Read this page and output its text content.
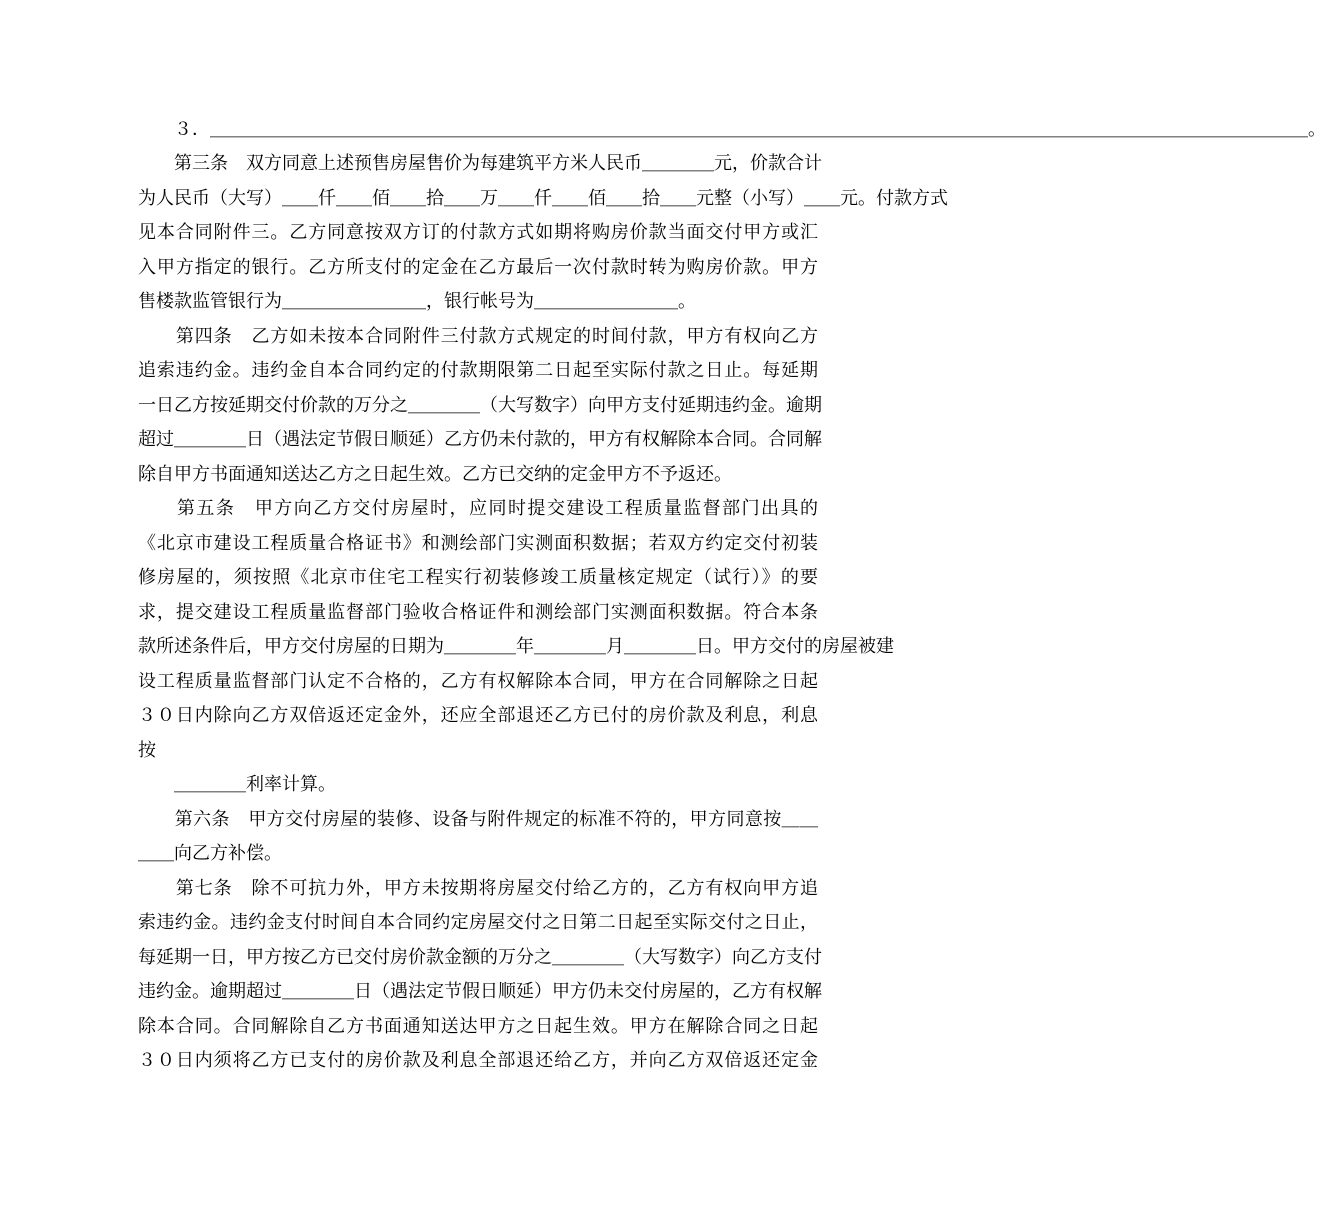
　　３．＿＿＿＿＿＿＿＿＿＿＿＿＿＿＿＿＿＿＿＿＿＿＿＿＿＿＿＿＿＿＿＿＿＿＿＿＿＿＿＿＿＿＿＿＿＿＿＿＿＿＿＿＿＿＿＿＿＿＿＿＿。

　　第三条　双方同意上述预售房屋售价为每建筑平方米人民币＿＿＿＿元，价款合计

为人民币（大写）＿＿仟＿＿佰＿＿拾＿＿万＿＿仟＿＿佰＿＿拾＿＿元整（小写）＿＿元。付款方式

见本合同附件三。乙方同意按双方订的付款方式如期将购房价款当面交付甲方或汇

入甲方指定的银行。乙方所支付的定金在乙方最后一次付款时转为购房价款。甲方

售楼款监管银行为＿＿＿＿＿＿＿＿，银行帐号为＿＿＿＿＿＿＿＿。

　　第四条　乙方如未按本合同附件三付款方式规定的时间付款，甲方有权向乙方

追索违约金。违约金自本合同约定的付款期限第二日起至实际付款之日止。每延期

一日乙方按延期交付价款的万分之＿＿＿＿（大写数字）向甲方支付延期违约金。逾期

超过＿＿＿＿日（遇法定节假日顺延）乙方仍未付款的，甲方有权解除本合同。合同解

除自甲方书面通知送达乙方之日起生效。乙方已交纳的定金甲方不予返还。

　　第五条　甲方向乙方交付房屋时，应同时提交建设工程质量监督部门出具的

《北京市建设工程质量合格证书》和测绘部门实测面积数据；若双方约定交付初装

修房屋的，须按照《北京市住宅工程实行初装修竣工质量核定规定（试行）》的要

求，提交建设工程质量监督部门验收合格证件和测绘部门实测面积数据。符合本条

款所述条件后，甲方交付房屋的日期为＿＿＿＿年＿＿＿＿月＿＿＿＿日。甲方交付的房屋被建

设工程质量监督部门认定不合格的，乙方有权解除本合同，甲方在合同解除之日起

３０日内除向乙方双倍返还定金外，还应全部退还乙方已付的房价款及利息，利息

按

　　＿＿＿＿利率计算。

　　第六条　甲方交付房屋的装修、设备与附件规定的标准不符的，甲方同意按＿＿

＿＿向乙方补偿。

　　第七条　除不可抗力外，甲方未按期将房屋交付给乙方的，乙方有权向甲方追

索违约金。违约金支付时间自本合同约定房屋交付之日第二日起至实际交付之日止，

每延期一日，甲方按乙方已交付房价款金额的万分之＿＿＿＿（大写数字）向乙方支付

违约金。逾期超过＿＿＿＿日（遇法定节假日顺延）甲方仍未交付房屋的，乙方有权解

除本合同。合同解除自乙方书面通知送达甲方之日起生效。甲方在解除合同之日起

３０日内须将乙方已支付的房价款及利息全部退还给乙方，并向乙方双倍返还定金
